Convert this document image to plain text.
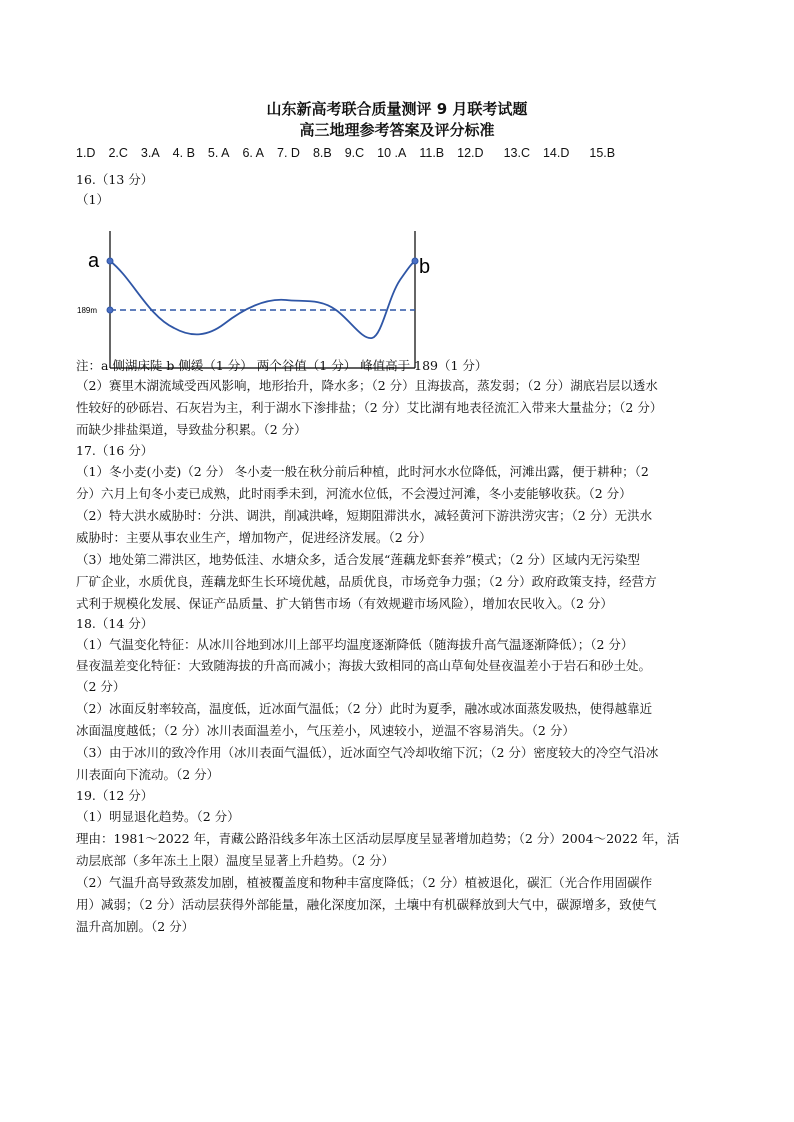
山东新高考联合质量测评 9 月联考试题
高三地理参考答案及评分标准
1.D 2.C 3.A 4. B 5. A 6. A 7. D 8.B 9.C 10 .A 11.B 12.D 13.C 14.D 15.B
16.（13 分）
（1）
a	b
189m
注：a 侧湖床陡 b 侧缓（1 分） 两个谷值（1 分） 峰值高于 189（1 分）
（2）赛里木湖流域受西风影响，地形抬升，降水多；（2 分）且海拔高，蒸发弱；（2 分）湖底岩层以透水
性较好的砂砾岩、石灰岩为主，利于湖水下渗排盐；（2 分）艾比湖有地表径流汇入带来大量盐分；（2 分）
而缺少排盐渠道，导致盐分积累。（2 分）
17.（16 分）
（1）冬小麦(小麦)（2 分） 冬小麦一般在秋分前后种植，此时河水水位降低，河滩出露，便于耕种；（2
分）六月上旬冬小麦已成熟，此时雨季未到，河流水位低，不会漫过河滩，冬小麦能够收获。（2 分）
（2）特大洪水威胁时：分洪、调洪，削减洪峰，短期阻滞洪水，减轻黄河下游洪涝灾害；（2 分）无洪水
威胁时：主要从事农业生产，增加物产，促进经济发展。（2 分）
（3）地处第二滞洪区，地势低洼、水塘众多，适合发展“莲藕龙虾套养”模式；（2 分）区域内无污染型
厂矿企业，水质优良，莲藕龙虾生长环境优越，品质优良，市场竞争力强；（2 分）政府政策支持，经营方
式利于规模化发展、保证产品质量、扩大销售市场（有效规避市场风险），增加农民收入。（2 分）
18.（14 分）
（1）气温变化特征：从冰川谷地到冰川上部平均温度逐渐降低（随海拔升高气温逐渐降低）；（2 分）
昼夜温差变化特征：大致随海拔的升高而减小；海拔大致相同的高山草甸处昼夜温差小于岩石和砂土处。
（2 分）
（2）冰面反射率较高，温度低，近冰面气温低；（2 分）此时为夏季，融冰或冰面蒸发吸热，使得越靠近
冰面温度越低；（2 分）冰川表面温差小，气压差小，风速较小，逆温不容易消失。（2 分）
（3）由于冰川的致冷作用（冰川表面气温低），近冰面空气冷却收缩下沉；（2 分）密度较大的冷空气沿冰
川表面向下流动。（2 分）
19.（12 分）
（1）明显退化趋势。（2 分）
理由：1981～2022 年，青藏公路沿线多年冻土区活动层厚度呈显著增加趋势；（2 分）2004～2022 年，活
动层底部（多年冻土上限）温度呈显著上升趋势。（2 分）
（2）气温升高导致蒸发加剧，植被覆盖度和物种丰富度降低；（2 分）植被退化，碳汇（光合作用固碳作
用）减弱；（2 分）活动层获得外部能量，融化深度加深，土壤中有机碳释放到大气中，碳源增多，致使气
温升高加剧。（2 分）
